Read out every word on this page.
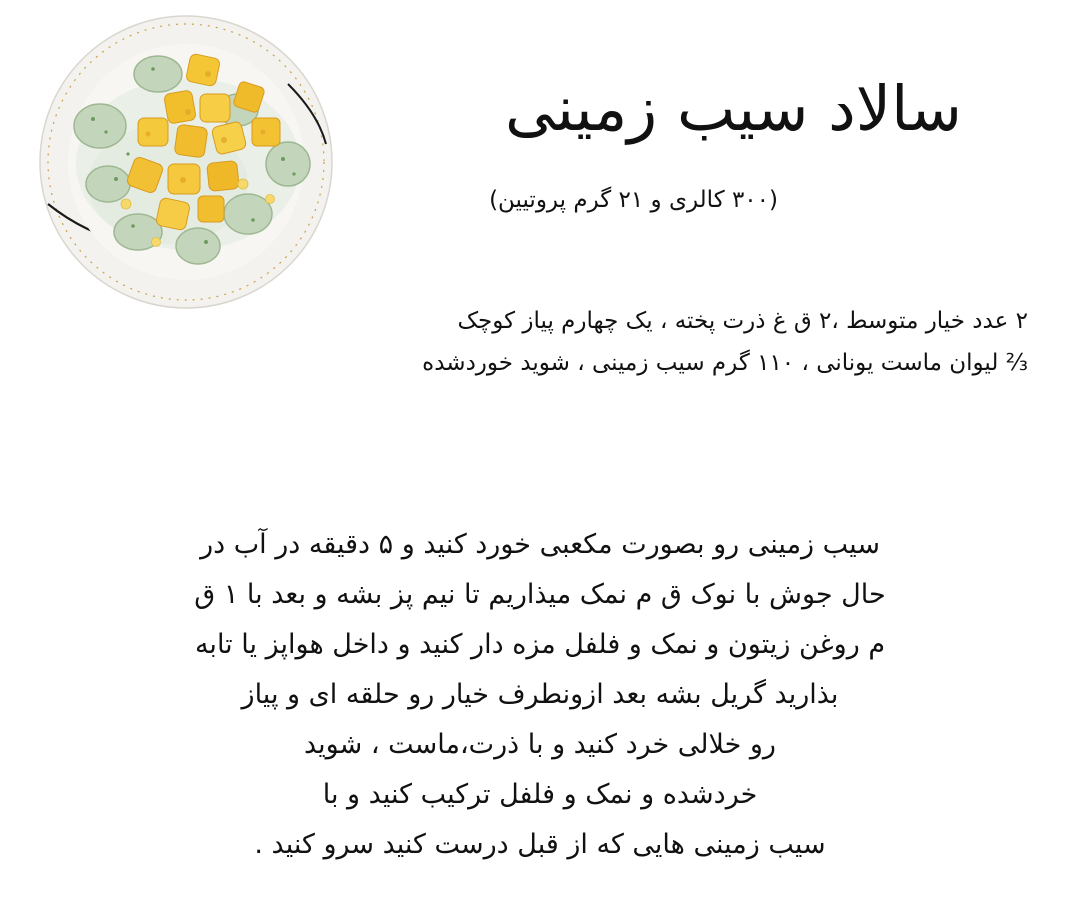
سالاد سیب زمینی
(۳۰۰ کالری و ۲۱ گرم پروتیین)
۲ عدد خیار متوسط ،۲ ق غ ذرت پخته ، یک چهارم پیاز کوچک
⅔ لیوان ماست یونانی ، ۱۱۰ گرم سیب زمینی ، شوید خوردشده
سیب زمینی رو بصورت مکعبی خورد کنید و ۵ دقیقه در آب در
حال جوش با نوک ق م نمک میذاریم تا نیم پز بشه و بعد با ۱ ق
م روغن زیتون و نمک و فلفل مزه دار کنید و داخل هواپز یا تابه
بذارید گریل بشه بعد ازونطرف خیار رو حلقه ای و پیاز
رو خلالی خرد کنید و با ذرت،ماست ، شوید
خردشده و نمک و فلفل ترکیب کنید و با
سیب زمینی هایی که از قبل درست کنید سرو کنید .
